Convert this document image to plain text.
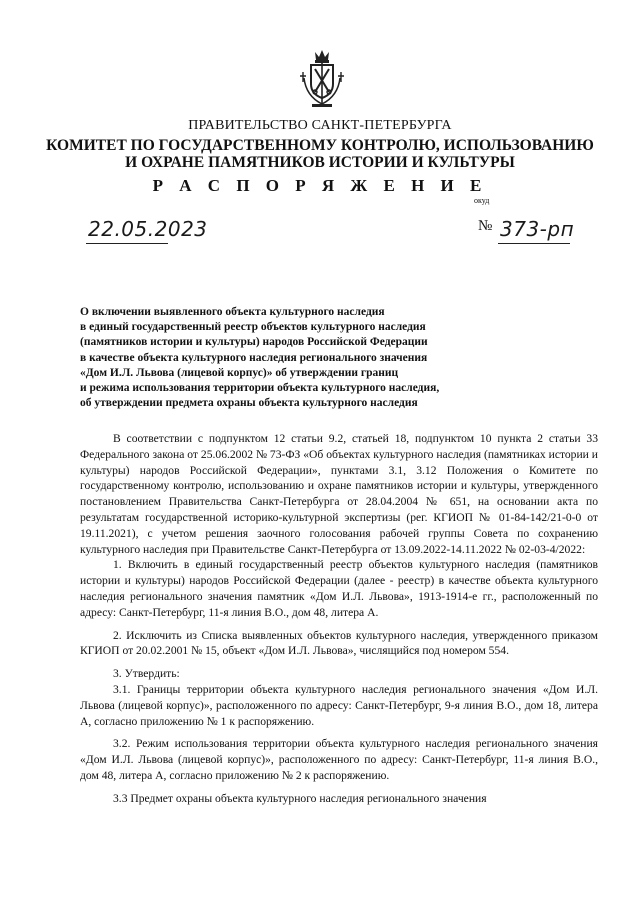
ПРАВИТЕЛЬСТВО САНКТ-ПЕТЕРБУРГА
КОМИТЕТ ПО ГОСУДАРСТВЕННОМУ КОНТРОЛЮ, ИСПОЛЬЗОВАНИЮ
И ОХРАНЕ ПАМЯТНИКОВ ИСТОРИИ И КУЛЬТУРЫ
Р А С П О Р Я Ж Е Н И Е
окуд
22.05.2023	№ 373-рп
О включении выявленного объекта культурного наследия
в единый государственный реестр объектов культурного наследия
(памятников истории и культуры) народов Российской Федерации
в качестве объекта культурного наследия регионального значения
«Дом И.Л. Львова (лицевой корпус)» об утверждении границ
и режима использования территории объекта культурного наследия,
об утверждении предмета охраны объекта культурного наследия

В соответствии с подпунктом 12 статьи 9.2, статьей 18, подпунктом 10 пункта 2 статьи 33 Федерального закона от 25.06.2002 № 73-ФЗ «Об объектах культурного наследия (памятниках истории и культуры) народов Российской Федерации», пунктами 3.1, 3.12 Положения о Комитете по государственному контролю, использованию и охране памятников истории и культуры, утвержденного постановлением Правительства Санкт-Петербурга от 28.04.2004 № 651, на основании акта по результатам государственной историко-культурной экспертизы (рег. КГИОП № 01-84-142/21-0-0 от 19.11.2021), с учетом решения заочного голосования рабочей группы Совета по сохранению культурного наследия при Правительстве Санкт-Петербурга от 13.09.2022-14.11.2022 № 02-03-4/2022:

1. Включить в единый государственный реестр объектов культурного наследия (памятников истории и культуры) народов Российской Федерации (далее - реестр) в качестве объекта культурного наследия регионального значения памятник «Дом И.Л. Львова», 1913-1914-е гг., расположенный по адресу: Санкт-Петербург, 11-я линия В.О., дом 48, литера А.

2. Исключить из Списка выявленных объектов культурного наследия, утвержденного приказом КГИОП от 20.02.2001 № 15, объект «Дом И.Л. Львова», числящийся под номером 554.

3. Утвердить:

3.1. Границы территории объекта культурного наследия регионального значения «Дом И.Л. Львова (лицевой корпус)», расположенного по адресу: Санкт-Петербург, 9-я линия В.О., дом 18, литера А, согласно приложению № 1 к распоряжению.

3.2. Режим использования территории объекта культурного наследия регионального значения «Дом И.Л. Львова (лицевой корпус)», расположенного по адресу: Санкт-Петербург, 11-я линия В.О., дом 48, литера А, согласно приложению № 2 к распоряжению.

3.3 Предмет охраны объекта культурного наследия регионального значения
